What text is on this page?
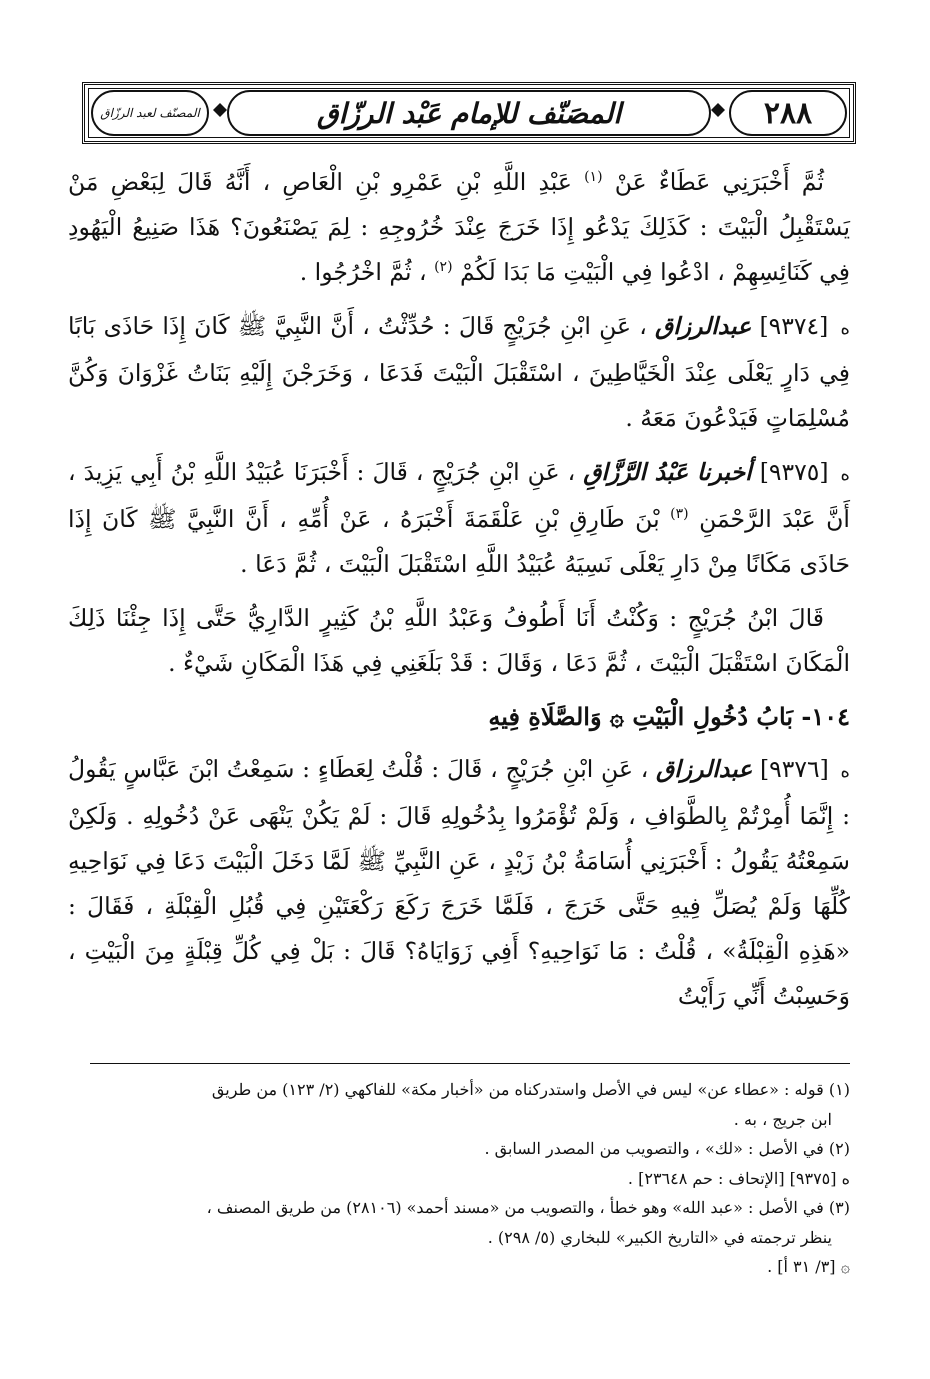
٢٨٨
المصَنّف للإمام عَبْد الرزّاق
المصنّف لعبد الرزّاق

ثُمَّ أَخْبَرَنِي عَطَاءٌ عَنْ $^{(١)}$ عَبْدِ اللَّهِ بْنِ عَمْرِو بْنِ الْعَاصِ ، أَنَّهُ قَالَ لِبَعْضِ مَنْ يَسْتَقْبِلُ الْبَيْتَ : كَذَلِكَ يَدْعُو إِذَا خَرَجَ عِنْدَ خُرُوجِهِ : لِمَ يَصْنَعُونَ؟ هَذَا صَنِيعُ الْيَهُودِ فِي كَنَائِسِهِمْ ، ادْعُوا فِي الْبَيْتِ مَا بَدَا لَكُمْ $^{(٢)}$ ، ثُمَّ اخْرُجُوا .

ه [٩٣٧٤] عبدالرزاق ، عَنِ ابْنِ جُرَيْجٍ قَالَ : حُدِّثْتُ ، أَنَّ النَّبِيَّ ﷺ كَانَ إِذَا حَاذَى بَابًا فِي دَارٍ يَعْلَى عِنْدَ الْخَيَّاطِينَ ، اسْتَقْبَلَ الْبَيْتَ فَدَعَا ، وَخَرَجْنَ إِلَيْهِ بَنَاتُ غَزْوَانَ وَكُنَّ مُسْلِمَاتٍ فَيَدْعُونَ مَعَهُ .

ه [٩٣٧٥] أخبرنا عَبْدُ الرَّزَّاقِ ، عَنِ ابْنِ جُرَيْجٍ ، قَالَ : أَخْبَرَنَا عُبَيْدُ اللَّهِ بْنُ أَبِي يَزِيدَ ، أَنَّ عَبْدَ الرَّحْمَنِ $^{(٣)}$ بْنَ طَارِقِ بْنِ عَلْقَمَةَ أَخْبَرَهُ ، عَنْ أُمِّهِ ، أَنَّ النَّبِيَّ ﷺ كَانَ إِذَا حَاذَى مَكَانًا مِنْ دَارِ يَعْلَى نَسِيَهُ عُبَيْدُ اللَّهِ اسْتَقْبَلَ الْبَيْتَ ، ثُمَّ دَعَا .

قَالَ ابْنُ جُرَيْجٍ : وَكُنْتُ أَنَا أَطُوفُ وَعَبْدُ اللَّهِ بْنُ كَثِيرٍ الدَّارِيُّ حَتَّى إِذَا جِئْنَا ذَلِكَ الْمَكَانَ اسْتَقْبَلَ الْبَيْتَ ، ثُمَّ دَعَا ، وَقَالَ : قَدْ بَلَغَنِي فِي هَذَا الْمَكَانِ شَيْءٌ .

١٠٤- بَابُ دُخُولِ الْبَيْتِ ۞ وَالصَّلَاةِ فِيهِ

ه [٩٣٧٦] عبدالرزاق ، عَنِ ابْنِ جُرَيْجٍ ، قَالَ : قُلْتُ لِعَطَاءٍ : سَمِعْتُ ابْنَ عَبَّاسٍ يَقُولُ : إِنَّمَا أُمِرْتُمْ بِالطَّوَافِ ، وَلَمْ تُؤْمَرُوا بِدُخُولِهِ قَالَ : لَمْ يَكُنْ يَنْهَى عَنْ دُخُولِهِ . وَلَكِنْ سَمِعْتُهُ يَقُولُ : أَخْبَرَنِي أُسَامَةُ بْنُ زَيْدٍ ، عَنِ النَّبِيِّ ﷺ لَمَّا دَخَلَ الْبَيْتَ دَعَا فِي نَوَاحِيهِ كُلِّهَا وَلَمْ يُصَلِّ فِيهِ حَتَّى خَرَجَ ، فَلَمَّا خَرَجَ رَكَعَ رَكْعَتَيْنِ فِي قُبُلِ الْقِبْلَةِ ، فَقَالَ : «هَذِهِ الْقِبْلَةُ» ، قُلْتُ : مَا نَوَاحِيهِ؟ أَفِي زَوَايَاهُ؟ قَالَ : بَلْ فِي كُلِّ قِبْلَةٍ مِنَ الْبَيْتِ ، وَحَسِبْتُ أَنِّي رَأَيْتُ

(١) قوله : «عطاء عن» ليس في الأصل واستدركناه من «أخبار مكة» للفاكهي (٢/ ١٢٣) من طريق

ابن جريج ، به .

(٢) في الأصل : «لك» ، والتصويب من المصدر السابق .

ه [٩٣٧٥] [الإتحاف : حم ٢٣٦٤٨] .

(٣) في الأصل : «عبد الله» وهو خطأ ، والتصويب من «مسند أحمد» (٢٨١٠٦) من طريق المصنف ،

ينظر ترجمته في «التاريخ الكبير» للبخاري (٥/ ٢٩٨) .

۞ [٣/ ٣١ أ] .
